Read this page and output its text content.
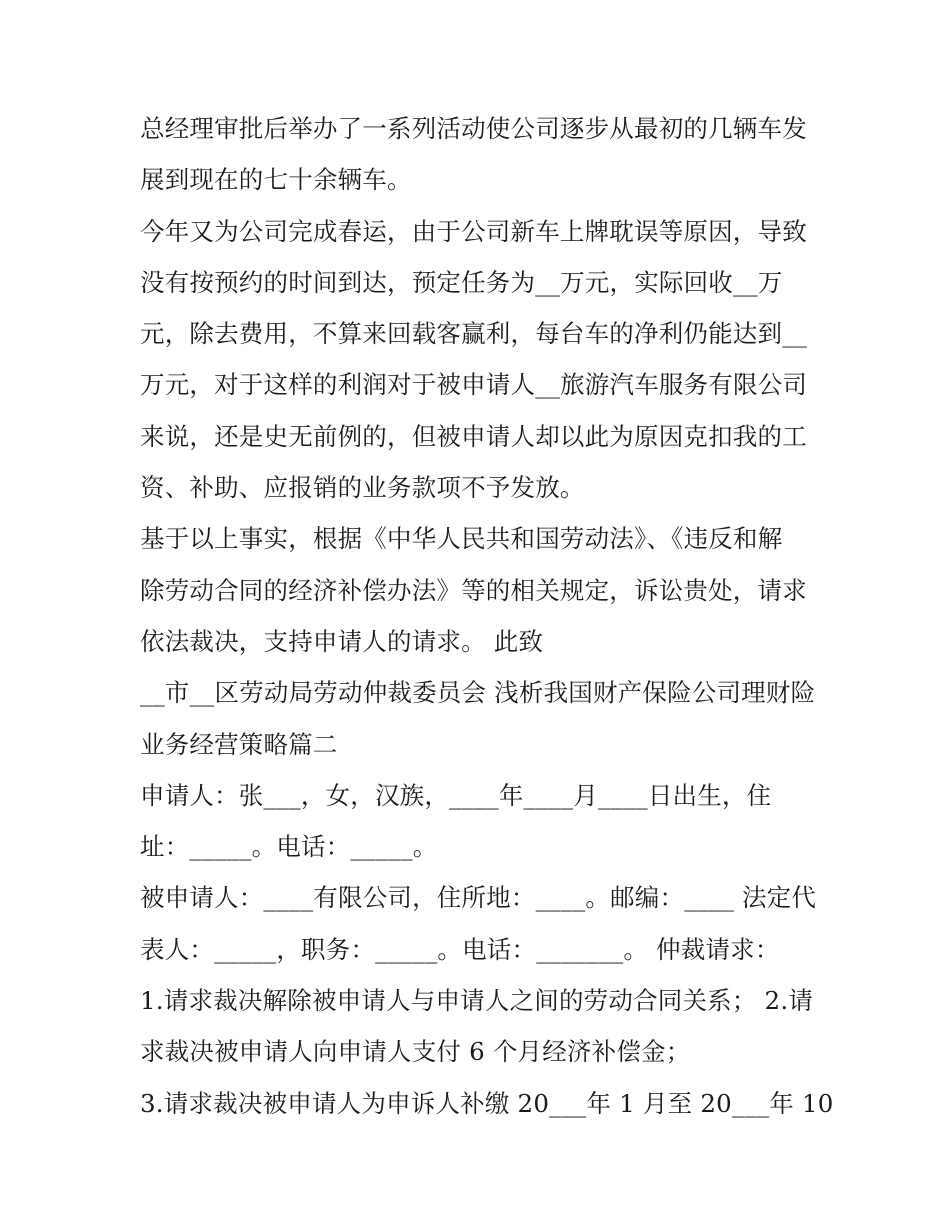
总经理审批后举办了一系列活动使公司逐步从最初的几辆车发
展到现在的七十余辆车。
今年又为公司完成春运，由于公司新车上牌耽误等原因，导致
没有按预约的时间到达，预定任务为__万元，实际回收__万
元，除去费用，不算来回载客赢利，每台车的净利仍能达到__
万元，对于这样的利润对于被申请人__旅游汽车服务有限公司
来说，还是史无前例的，但被申请人却以此为原因克扣我的工
资、补助、应报销的业务款项不予发放。
基于以上事实，根据《中华人民共和国劳动法》、《违反和解
除劳动合同的经济补偿办法》等的相关规定，诉讼贵处，请求
依法裁决，支持申请人的请求。 此致
__市__区劳动局劳动仲裁委员会 浅析我国财产保险公司理财险
业务经营策略篇二
申请人：张___，女，汉族，____年____月____日出生，住
址：_____。电话：_____。
被申请人：____有限公司，住所地：____。邮编：____ 法定代
表人：_____，职务：_____。电话：_______。 仲裁请求：
1.请求裁决解除被申请人与申请人之间的劳动合同关系； 2.请
求裁决被申请人向申请人支付 6 个月经济补偿金；
3.请求裁决被申请人为申诉人补缴 20___年 1 月至 20___年 10
